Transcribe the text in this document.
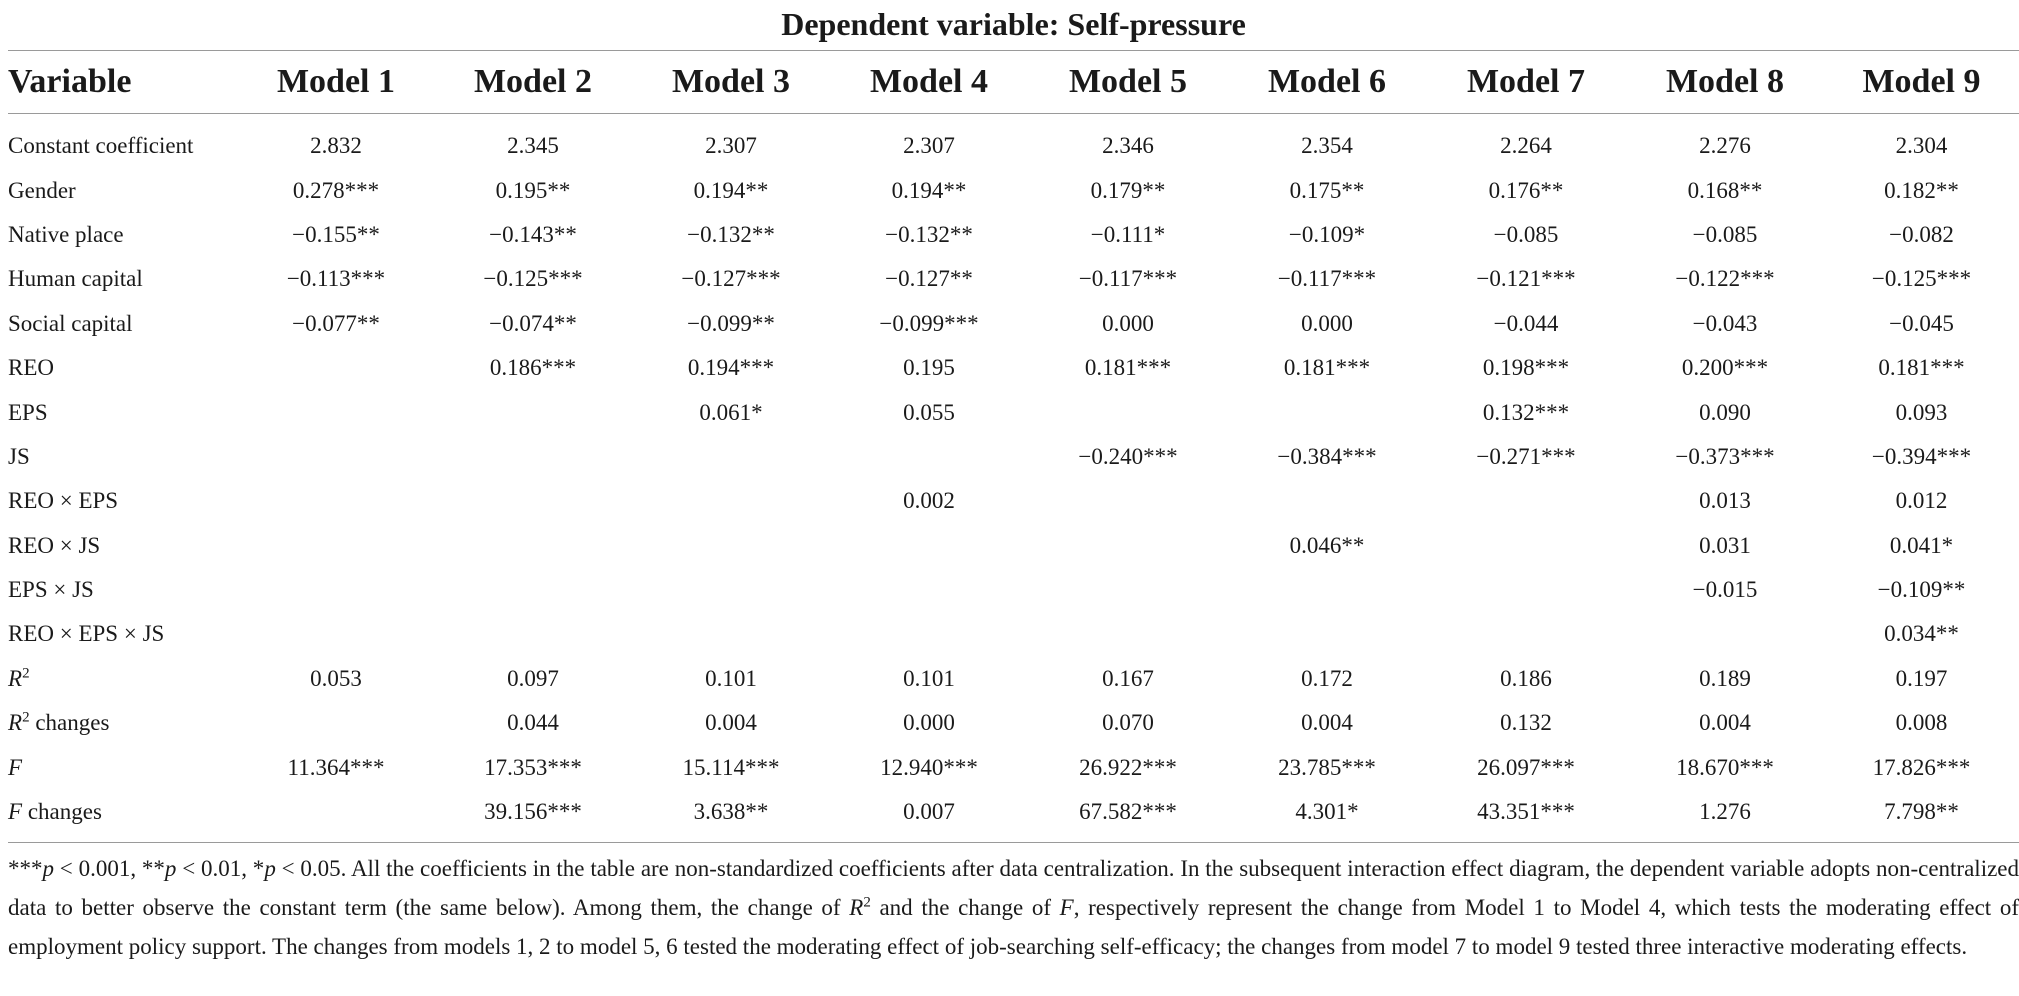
Dependent variable: Self-pressure
Variable	Model 1	Model 2	Model 3	Model 4	Model 5	Model 6	Model 7	Model 8	Model 9

Constant coefficient	2.832	2.345	2.307	2.307	2.346	2.354	2.264	2.276	2.304
Gender	0.278***	0.195**	0.194**	0.194**	0.179**	0.175**	0.176**	0.168**	0.182**
Native place	−0.155**	−0.143**	−0.132**	−0.132**	−0.111*	−0.109*	−0.085	−0.085	−0.082
Human capital	−0.113***	−0.125***	−0.127***	−0.127**	−0.117***	−0.117***	−0.121***	−0.122***	−0.125***
Social capital	−0.077**	−0.074**	−0.099**	−0.099***	0.000	0.000	−0.044	−0.043	−0.045
REO		0.186***	0.194***	0.195	0.181***	0.181***	0.198***	0.200***	0.181***
EPS			0.061*	0.055			0.132***	0.090	0.093
JS					−0.240***	−0.384***	−0.271***	−0.373***	−0.394***
REO × EPS				0.002				0.013	0.012
REO × JS						0.046**		0.031	0.041*
EPS × JS								−0.015	−0.109**
REO × EPS × JS									0.034**
$R^2$	0.053	0.097	0.101	0.101	0.167	0.172	0.186	0.189	0.197
$R^2$ changes		0.044	0.004	0.000	0.070	0.004	0.132	0.004	0.008
F	11.364***	17.353***	15.114***	12.940***	26.922***	23.785***	26.097***	18.670***	17.826***
F changes		39.156***	3.638**	0.007	67.582***	4.301*	43.351***	1.276	7.798**

***p < 0.001, **p < 0.01, *p < 0.05. All the coefficients in the table are non-standardized coefficients after data centralization. In the subsequent interaction effect diagram, the dependent variable adopts non-centralized data to better observe the constant term (the same below). Among them, the change of $R^2$ and the change of F, respectively represent the change from Model 1 to Model 4, which tests the moderating effect of employment policy support. The changes from models 1, 2 to model 5, 6 tested the moderating effect of job-searching self-efficacy; the changes from model 7 to model 9 tested three interactive moderating effects.
